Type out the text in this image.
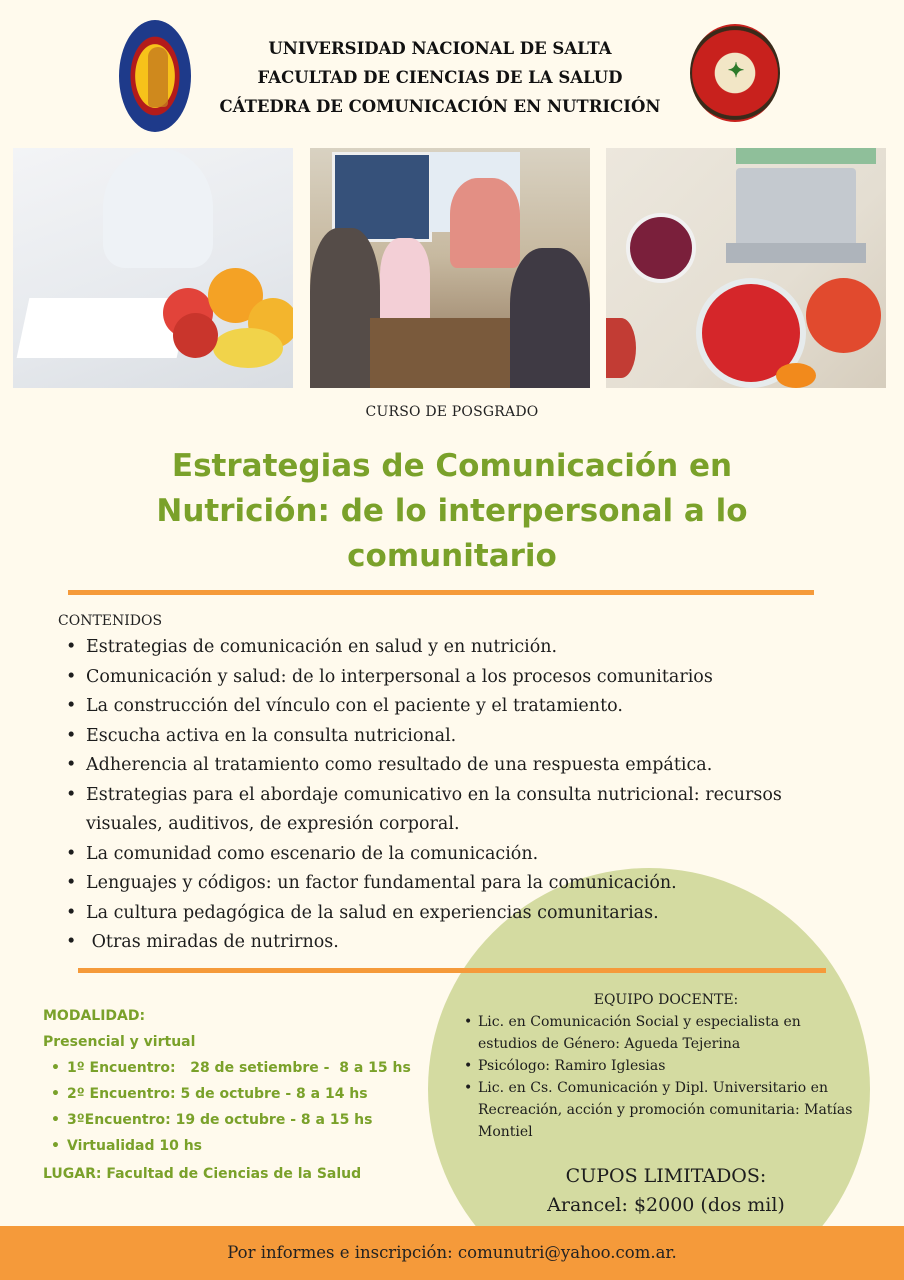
✦
UNIVERSIDAD NACIONAL DE SALTA
FACULTAD DE CIENCIAS DE LA SALUD
CÁTEDRA DE COMUNICACIÓN EN NUTRICIÓN
CURSO DE POSGRADO
Estrategias de Comunicación en Nutrición: de lo interpersonal a lo comunitario
CONTENIDOS
• Estrategias de comunicación en salud y en nutrición.
• Comunicación y salud: de lo interpersonal a los procesos comunitarios
• La construcción del vínculo con el paciente y el tratamiento.
• Escucha activa en la consulta nutricional.
• Adherencia al tratamiento como resultado de una respuesta empática.
• Estrategias para el abordaje comunicativo en la consulta nutricional: recursos visuales, auditivos, de expresión corporal.
• La comunidad como escenario de la comunicación.
• Lenguajes y códigos: un factor fundamental para la comunicación.
• La cultura pedagógica de la salud en experiencias comunitarias.
•  Otras miradas de nutrirnos.
MODALIDAD:
Presencial y virtual
• 1º Encuentro:   28 de setiembre -  8 a 15 hs
• 2º Encuentro: 5 de octubre - 8 a 14 hs
• 3ºEncuentro: 19 de octubre - 8 a 15 hs
• Virtualidad 10 hs
LUGAR: Facultad de Ciencias de la Salud
EQUIPO DOCENTE:
• Lic. en Comunicación Social y especialista en estudios de Género: Agueda Tejerina
• Psicólogo: Ramiro Iglesias
• Lic. en Cs. Comunicación y Dipl. Universitario en Recreación, acción y promoción comunitaria: Matías Montiel
CUPOS LIMITADOS:
Arancel: $2000 (dos mil)
Por informes e inscripción: comunutri@yahoo.com.ar.
